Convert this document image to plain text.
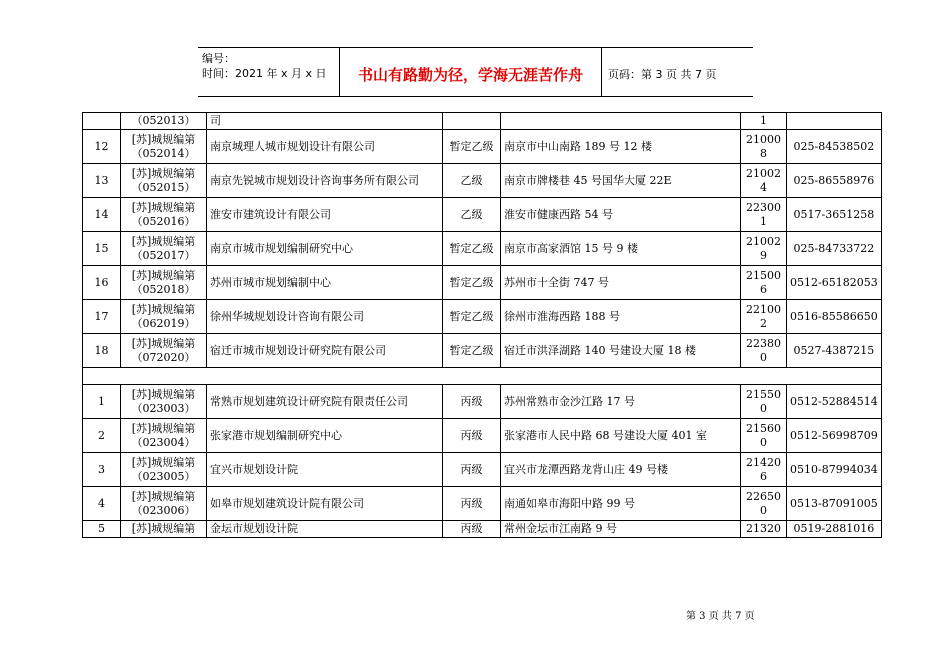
编号：
时间：2021 年 x 月 x 日	书山有路勤为径，学海无涯苦作舟	页码：第 3 页 共 7 页
	（052013）	司			1	
12	[苏]城规编第（052014）	南京城理人城市规划设计有限公司	暂定乙级	南京市中山南路 189 号 12 楼	210008	025-84538502
13	[苏]城规编第（052015）	南京先锐城市规划设计咨询事务所有限公司	乙级	南京市牌楼巷 45 号国华大厦 22E	210024	025-86558976
14	[苏]城规编第（052016）	淮安市建筑设计有限公司	乙级	淮安市健康西路 54 号	223001	0517-3651258
15	[苏]城规编第（052017）	南京市城市规划编制研究中心	暂定乙级	南京市高家酒馆 15 号 9 楼	210029	025-84733722
16	[苏]城规编第（052018）	苏州市城市规划编制中心	暂定乙级	苏州市十全街 747 号	215006	0512-65182053
17	[苏]城规编第（062019）	徐州华城规划设计咨询有限公司	暂定乙级	徐州市淮海西路 188 号	221002	0516-85586650
18	[苏]城规编第（072020）	宿迁市城市规划设计研究院有限公司	暂定乙级	宿迁市洪泽湖路 140 号建设大厦 18 楼	223800	0527-4387215

1	[苏]城规编第（023003）	常熟市规划建筑设计研究院有限责任公司	丙级	苏州常熟市金沙江路 17 号	215500	0512-52884514
2	[苏]城规编第（023004）	张家港市规划编制研究中心	丙级	张家港市人民中路 68 号建设大厦 401 室	215600	0512-56998709
3	[苏]城规编第（023005）	宜兴市规划设计院	丙级	宜兴市龙潭西路龙背山庄 49 号楼	214206	0510-87994034
4	[苏]城规编第（023006）	如皋市规划建筑设计院有限公司	丙级	南通如皋市海阳中路 99 号	226500	0513-87091005
5	[苏]城规编第	金坛市规划设计院	丙级	常州金坛市江南路 9 号	21320	0519-2881016
第 3 页 共 7 页
